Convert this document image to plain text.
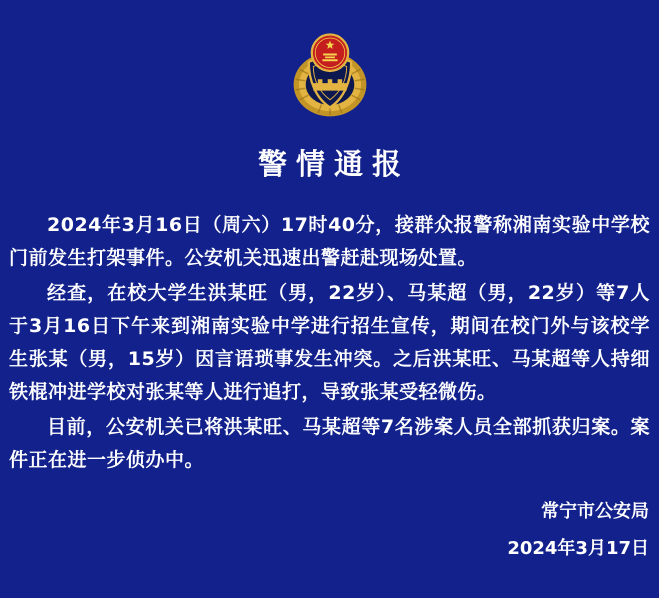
警情通报

2024年3月16日（周六）17时40分，接群众报警称湘南实验中学校门前发生打架事件。公安机关迅速出警赶赴现场处置。

经查，在校大学生洪某旺（男，22岁）、马某超（男，22岁）等7人于3月16日下午来到湘南实验中学进行招生宣传，期间在校门外与该校学生张某（男，15岁）因言语琐事发生冲突。之后洪某旺、马某超等人持细铁棍冲进学校对张某等人进行追打，导致张某受轻微伤。

目前，公安机关已将洪某旺、马某超等7名涉案人员全部抓获归案。案件正在进一步侦办中。

常宁市公安局
2024年3月17日
